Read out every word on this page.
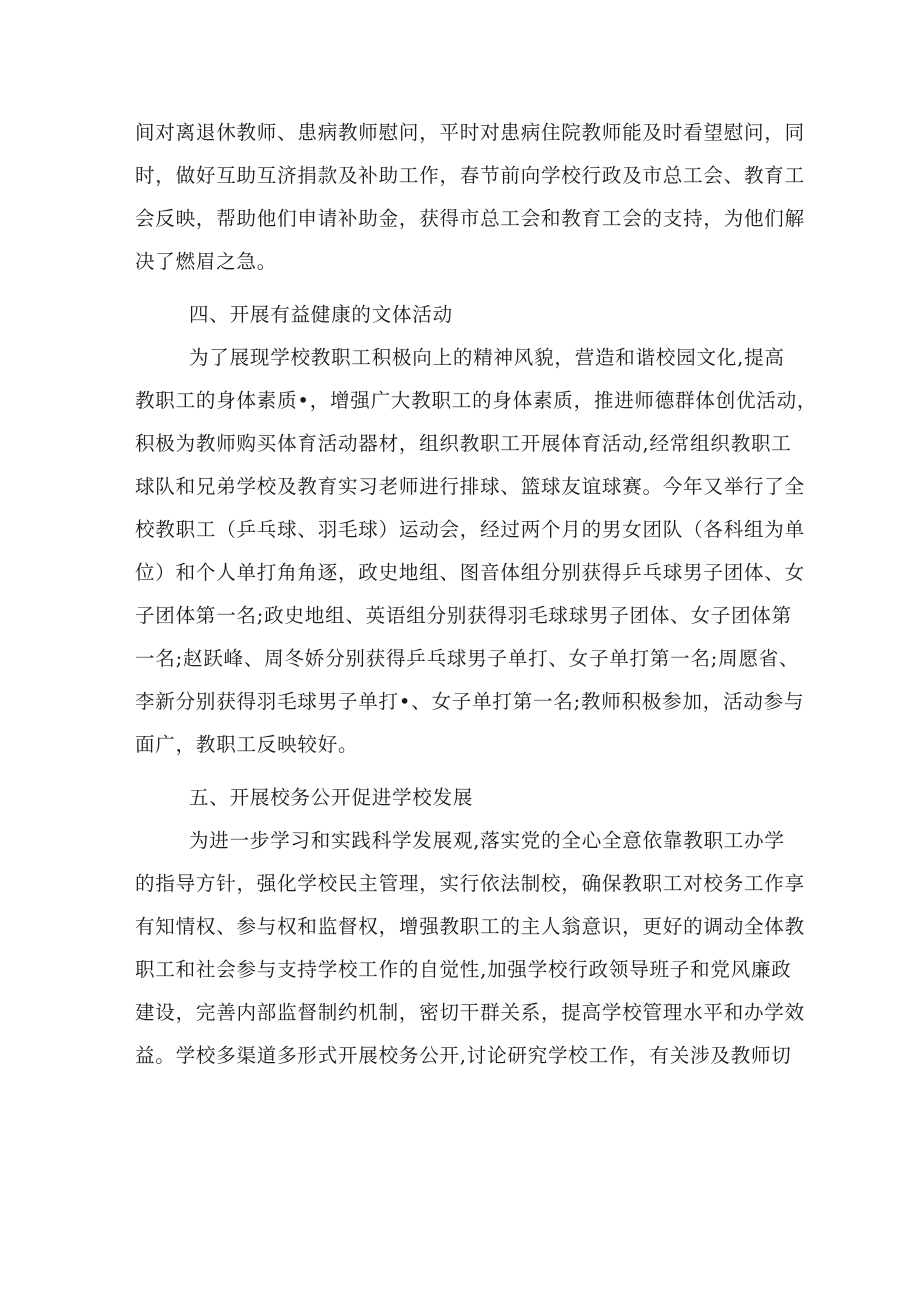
间对离退休教师、患病教师慰问，平时对患病住院教师能及时看望慰问，同
时，做好互助互济捐款及补助工作，春节前向学校行政及市总工会、教育工
会反映，帮助他们申请补助金，获得市总工会和教育工会的支持，为他们解
决了燃眉之急。
四、开展有益健康的文体活动
为了展现学校教职工积极向上的精神风貌，营造和谐校园文化,提高
教职工的身体素质•，增强广大教职工的身体素质，推进师德群体创优活动，
积极为教师购买体育活动器材，组织教职工开展体育活动,经常组织教职工
球队和兄弟学校及教育实习老师进行排球、篮球友谊球赛。今年又举行了全
校教职工（乒乓球、羽毛球）运动会，经过两个月的男女团队（各科组为单
位）和个人单打角角逐，政史地组、图音体组分别获得乒乓球男子团体、女
子团体第一名;政史地组、英语组分别获得羽毛球球男子团体、女子团体第
一名;赵跃峰、周冬娇分别获得乒乓球男子单打、女子单打第一名;周愿省、
李新分别获得羽毛球男子单打•、女子单打第一名;教师积极参加，活动参与
面广，教职工反映较好。
五、开展校务公开促进学校发展
为进一步学习和实践科学发展观,落实党的全心全意依靠教职工办学
的指导方针，强化学校民主管理，实行依法制校，确保教职工对校务工作享
有知情权、参与权和监督权，增强教职工的主人翁意识，更好的调动全体教
职工和社会参与支持学校工作的自觉性,加强学校行政领导班子和党风廉政
建设，完善内部监督制约机制，密切干群关系，提高学校管理水平和办学效
益。学校多渠道多形式开展校务公开,讨论研究学校工作，有关涉及教师切
